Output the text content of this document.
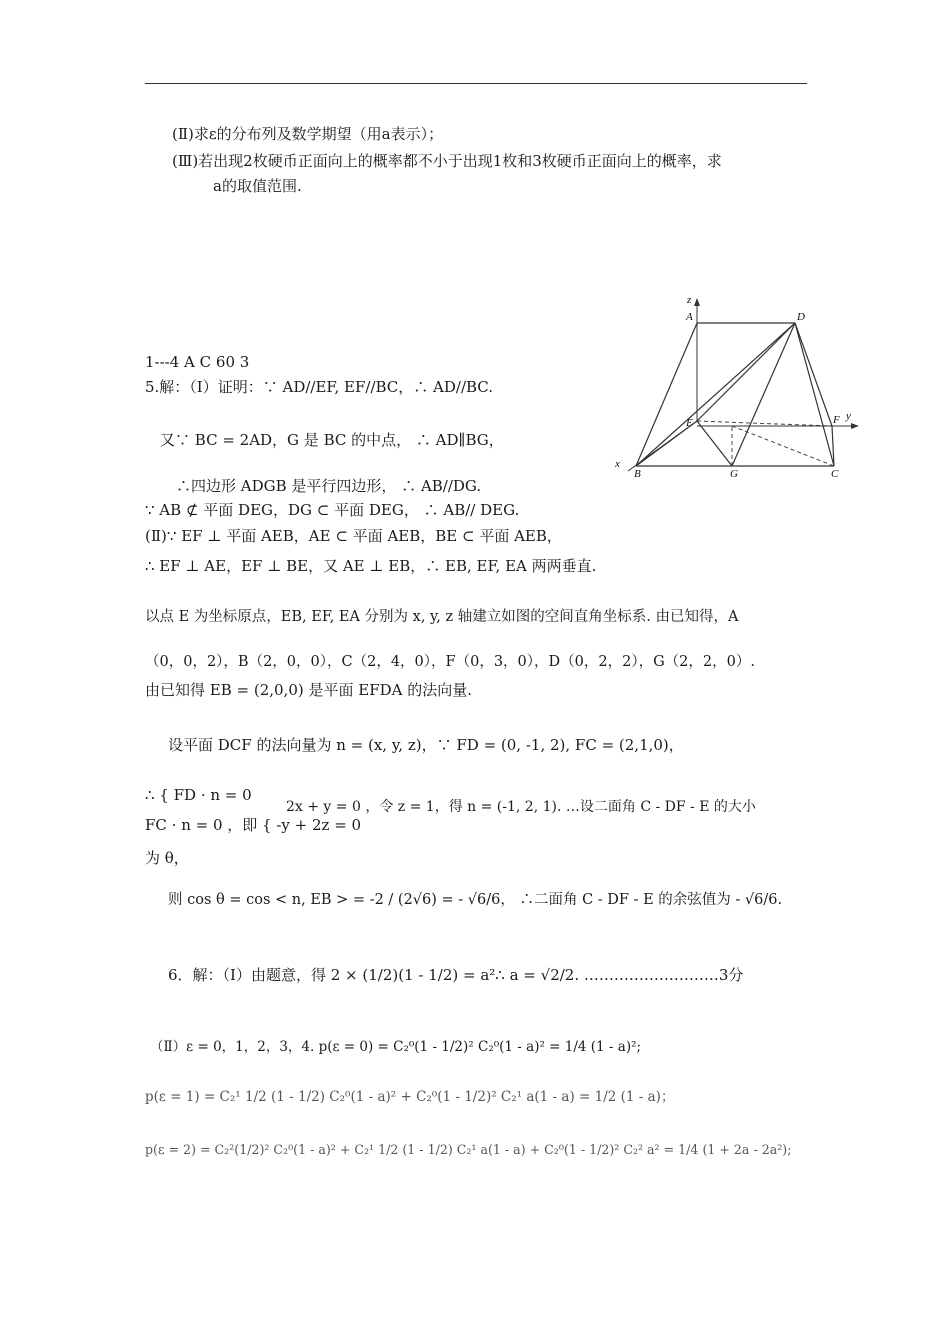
(Ⅱ)求ε的分布列及数学期望（用a表示）；
(Ⅲ)若出现2枚硬币正面向上的概率都不小于出现1枚和3枚硬币正面向上的概率，求
a的取值范围.
z
A	D
E	F y
x
B	G	C
1---4 A C 60 3
5.解：（Ⅰ）证明：∵ AD//EF, EF//BC，∴ AD//BC.
又∵ BC = 2AD，G 是 BC 的中点， ∴ AD∥BG，
∴四边形 ADGB 是平行四边形， ∴ AB//DG.
∵ AB ⊄ 平面 DEG，DG ⊂ 平面 DEG， ∴ AB// DEG.
(Ⅱ)∵ EF ⊥ 平面 AEB，AE ⊂ 平面 AEB，BE ⊂ 平面 AEB，
∴ EF ⊥ AE，EF ⊥ BE，又 AE ⊥ EB，∴ EB, EF, EA 两两垂直.
以点 E 为坐标原点，EB, EF, EA 分别为 x, y, z 轴建立如图的空间直角坐标系. 由已知得，A
（0，0，2），B（2，0，0），C（2，4，0），F（0，3，0），D（0，2，2），G（2，2，0）.
由已知得 EB = (2,0,0) 是平面 EFDA 的法向量.
设平面 DCF 的法向量为 n = (x, y, z)，∵ FD = (0, -1, 2), FC = (2,1,0)，
∴ { FD · n = 0
FC · n = 0 ，即 { -y + 2z = 0
2x + y = 0 ，令 z = 1，得 n = (-1, 2, 1). …设二面角 C - DF - E 的大小
为 θ，
则 cos θ = cos < n, EB > = -2 / (2√6) = - √6/6， ∴二面角 C - DF - E 的余弦值为 - √6/6.
6．解：（Ⅰ）由题意，得 2 × (1/2)(1 - 1/2) = a²∴ a = √2/2. ………………………3分
（Ⅱ）ε = 0，1，2，3，4. p(ε = 0) = C₂⁰(1 - 1/2)² C₂⁰(1 - a)² = 1/4 (1 - a)²;
p(ε = 1) = C₂¹ 1/2 (1 - 1/2) C₂⁰(1 - a)² + C₂⁰(1 - 1/2)² C₂¹ a(1 - a) = 1/2 (1 - a)；
p(ε = 2) = C₂²(1/2)² C₂⁰(1 - a)² + C₂¹ 1/2 (1 - 1/2) C₂¹ a(1 - a) + C₂⁰(1 - 1/2)² C₂² a² = 1/4 (1 + 2a - 2a²);
